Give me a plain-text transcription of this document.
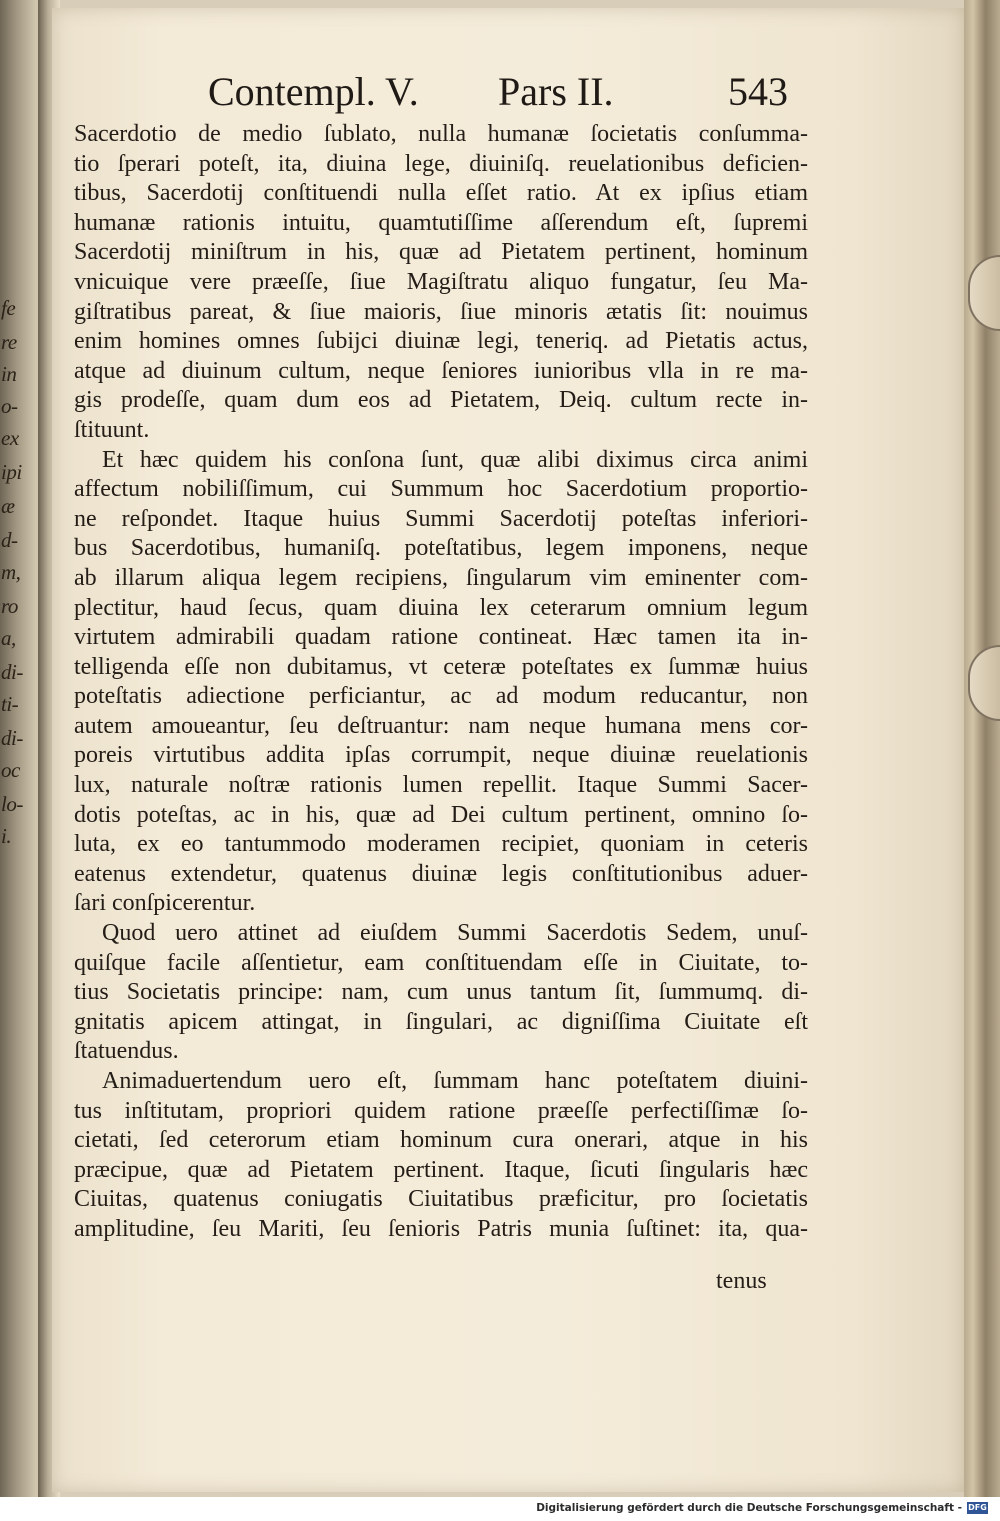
fe
re
in
o-
ex
ipi
æ
d-
m,
ro
a,
di-
ti-
di-
oc
lo-
i.
Contempl. V. Pars II.	543
Sacerdotio de medio ſublato, nulla humanæ ſocietatis conſumma-
tio ſperari poteſt, ita, diuina lege, diuiniſq. reuelationibus deficien-
tibus, Sacerdotij conſtituendi nulla eſſet ratio. At ex ipſius etiam
humanæ rationis intuitu, quamtutiſſime aſſerendum eſt, ſupremi
Sacerdotij miniſtrum in his, quæ ad Pietatem pertinent, hominum
vnicuique vere præeſſe, ſiue Magiſtratu aliquo fungatur, ſeu Ma-
giſtratibus pareat, & ſiue maioris, ſiue minoris ætatis ſit: nouimus
enim homines omnes ſubijci diuinæ legi, teneriq. ad Pietatis actus,
atque ad diuinum cultum, neque ſeniores iunioribus vlla in re ma-
gis prodeſſe, quam dum eos ad Pietatem, Deiq. cultum recte in-
ſtituunt.
Et hæc quidem his conſona ſunt, quæ alibi diximus circa animi
affectum nobiliſſimum, cui Summum hoc Sacerdotium proportio-
ne reſpondet. Itaque huius Summi Sacerdotij poteſtas inferiori-
bus Sacerdotibus, humaniſq. poteſtatibus, legem imponens, neque
ab illarum aliqua legem recipiens, ſingularum vim eminenter com-
plectitur, haud ſecus, quam diuina lex ceterarum omnium legum
virtutem admirabili quadam ratione contineat. Hæc tamen ita in-
telligenda eſſe non dubitamus, vt ceteræ poteſtates ex ſummæ huius
poteſtatis adiectione perficiantur, ac ad modum reducantur, non
autem amoueantur, ſeu deſtruantur: nam neque humana mens cor-
poreis virtutibus addita ipſas corrumpit, neque diuinæ reuelationis
lux, naturale noſtræ rationis lumen repellit. Itaque Summi Sacer-
dotis poteſtas, ac in his, quæ ad Dei cultum pertinent, omnino ſo-
luta, ex eo tantummodo moderamen recipiet, quoniam in ceteris
eatenus extendetur, quatenus diuinæ legis conſtitutionibus aduer-
ſari conſpicerentur.
Quod uero attinet ad eiuſdem Summi Sacerdotis Sedem, unuſ-
quiſque facile aſſentietur, eam conſtituendam eſſe in Ciuitate, to-
tius Societatis principe: nam, cum unus tantum ſit, ſummumq. di-
gnitatis apicem attingat, in ſingulari, ac digniſſima Ciuitate eſt
ſtatuendus.
Animaduertendum uero eſt, ſummam hanc poteſtatem diuini-
tus inſtitutam, propriori quidem ratione præeſſe perfectiſſimæ ſo-
cietati, ſed ceterorum etiam hominum cura onerari, atque in his
præcipue, quæ ad Pietatem pertinent. Itaque, ſicuti ſingularis hæc
Ciuitas, quatenus coniugatis Ciuitatibus præficitur, pro ſocietatis
amplitudine, ſeu Mariti, ſeu ſenioris Patris munia ſuſtinet: ita, qua-
tenus
Digitalisierung gefördert durch die Deutsche Forschungsgemeinschaft - DFG
